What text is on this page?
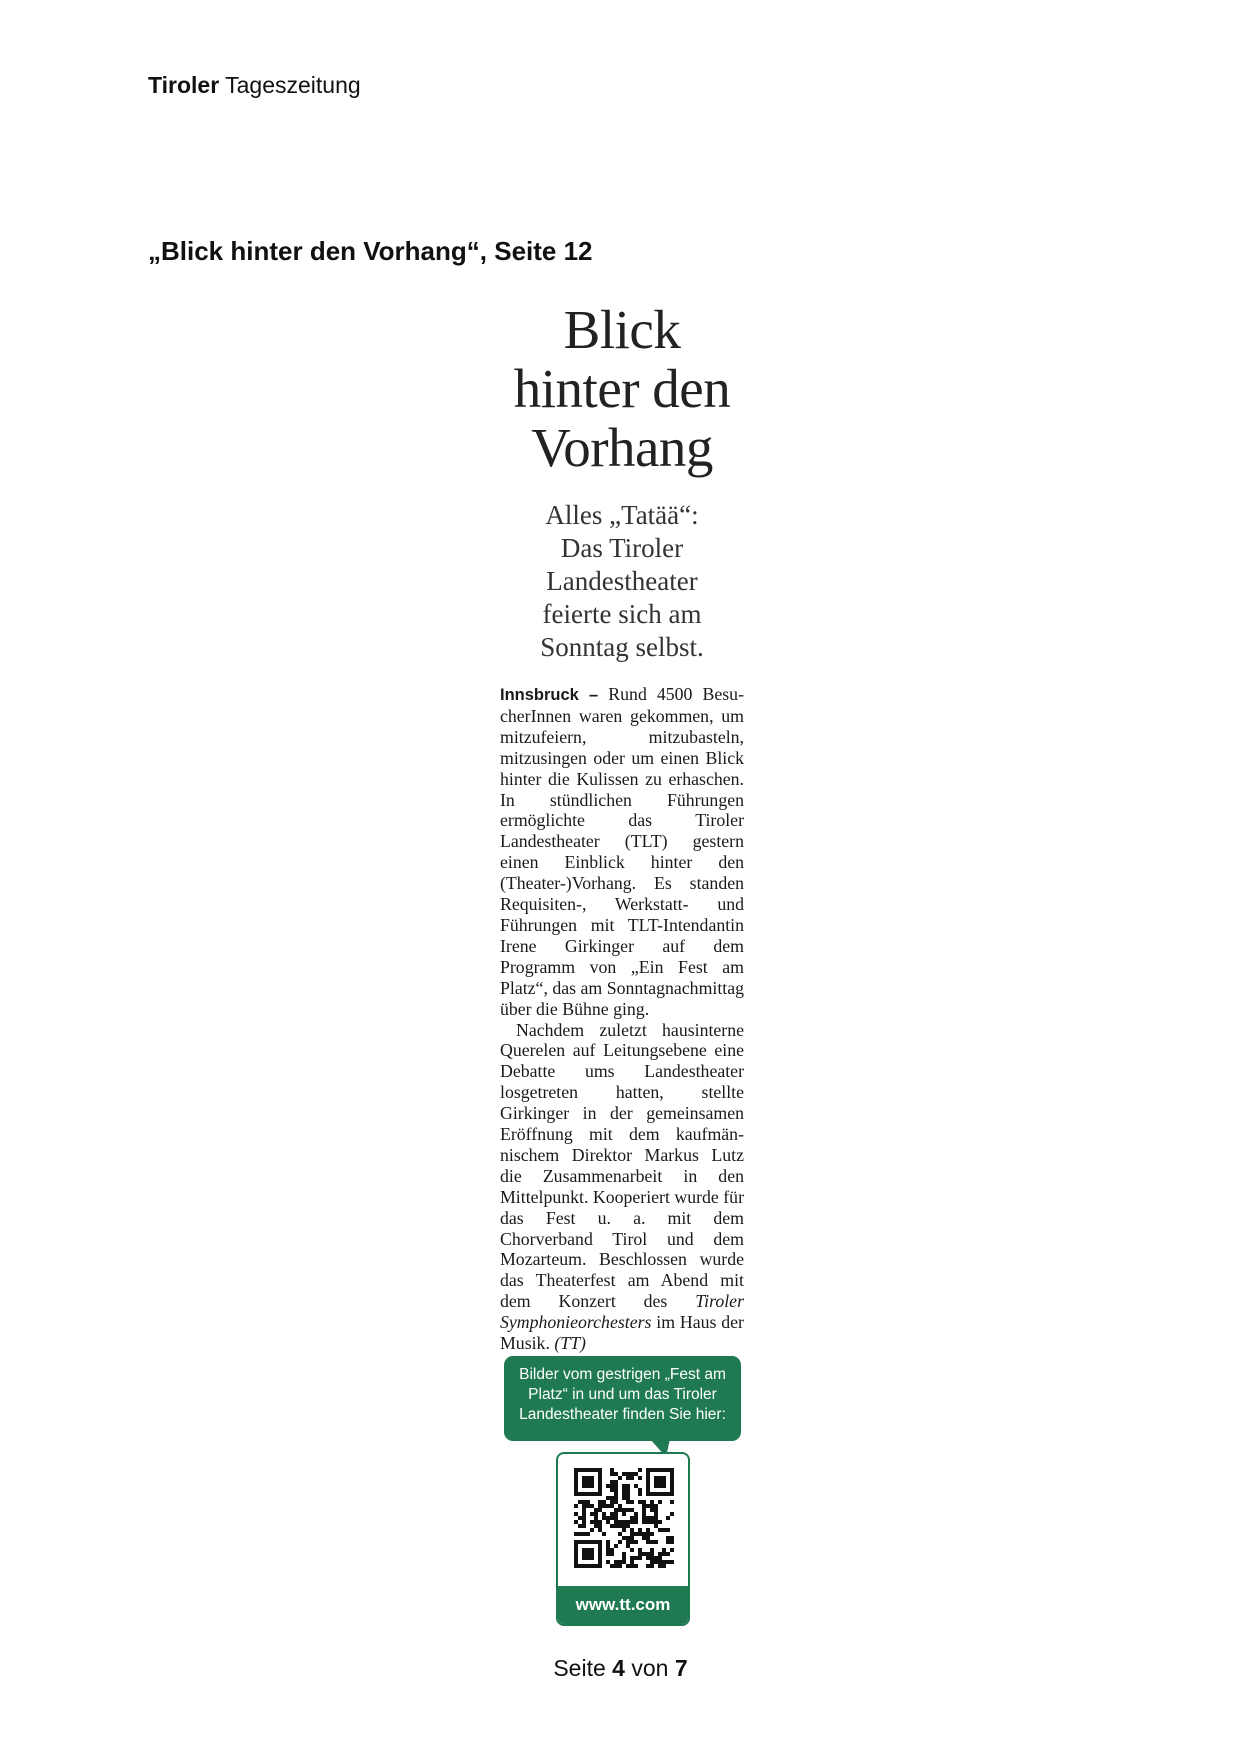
Tiroler Tageszeitung
„Blick hinter den Vorhang“, Seite 12
Blick
hinter den
Vorhang
Alles „Tatää“:
Das Tiroler
Landestheater
feierte sich am
Sonntag selbst.

Innsbruck – Rund 4500 BesucherInnen waren gekommen, um mitzufeiern, mitzubasteln, mitzusingen oder um einen Blick hinter die Kulissen zu erhaschen. In stündlichen Führungen ermöglichte das Tiroler Landestheater (TLT) gestern einen Einblick hinter den (Theater-)Vorhang. Es standen Requisiten-, Werkstatt- und Führungen mit TLT-Intendantin Irene Girkinger auf dem Programm von „Ein Fest am Platz“, das am Sonntagnachmittag über die Bühne ging.

Nachdem zuletzt hausinterne Querelen auf Leitungsebene eine Debatte ums Landestheater losgetreten hatten, stellte Girkinger in der gemeinsamen Eröffnung mit dem kaufmännischem Direktor Markus Lutz die Zusammenarbeit in den Mittelpunkt. Kooperiert wurde für das Fest u. a. mit dem Chorverband Tirol und dem Mozarteum. Beschlossen wurde das Theaterfest am Abend mit dem Konzert des Tiroler Symphonieorchesters im Haus der Musik. (TT)

Bilder vom gestrigen „Fest am Platz“ in und um das Tiroler Landestheater finden Sie hier:
www.tt.com
Seite 4 von 7
